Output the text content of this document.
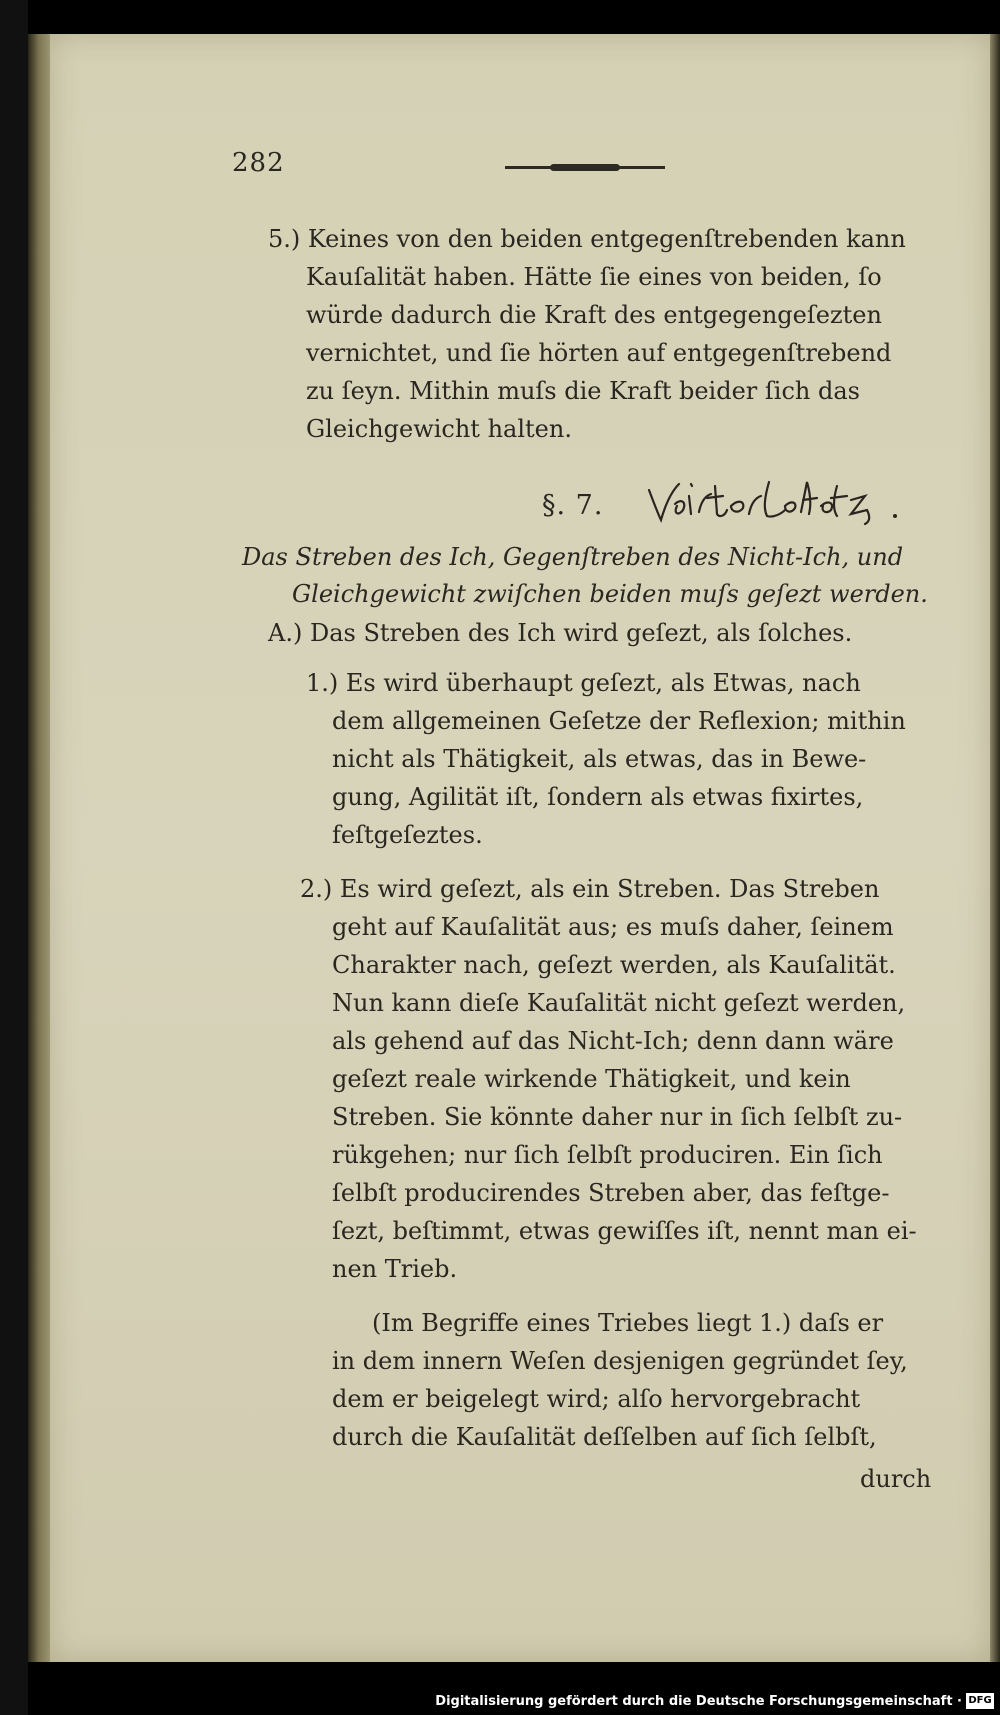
282
5.) Keines von den beiden entgegenſtrebenden kann
Kauſalität haben. Hätte ſie eines von beiden, ſo
würde dadurch die Kraft des entgegengeſezten
vernichtet, und ſie hörten auf entgegenſtrebend
zu ſeyn. Mithin muſs die Kraft beider ſich das
Gleichgewicht halten.
§. 7.
Das Streben des Ich, Gegenſtreben des Nicht-Ich, und
Gleichgewicht zwiſchen beiden muſs geſezt werden.
A.) Das Streben des Ich wird geſezt, als ſolches.
1.) Es wird überhaupt geſezt, als Etwas, nach
dem allgemeinen Geſetze der Reflexion; mithin
nicht als Thätigkeit, als etwas, das in Bewe-
gung, Agilität iſt, ſondern als etwas fixirtes,
feſtgeſeztes.
2.) Es wird geſezt, als ein Streben. Das Streben
geht auf Kauſalität aus; es muſs daher, ſeinem
Charakter nach, geſezt werden, als Kauſalität.
Nun kann dieſe Kauſalität nicht geſezt werden,
als gehend auf das Nicht-Ich; denn dann wäre
geſezt reale wirkende Thätigkeit, und kein
Streben. Sie könnte daher nur in ſich ſelbſt zu-
rükgehen; nur ſich ſelbſt produciren. Ein ſich
ſelbſt producirendes Streben aber, das feſtge-
ſezt, beſtimmt, etwas gewiſſes iſt, nennt man ei-
nen Trieb.
(Im Begriffe eines Triebes liegt 1.) daſs er
in dem innern Weſen desjenigen gegründet ſey,
dem er beigelegt wird; alſo hervorgebracht
durch die Kauſalität deſſelben auf ſich ſelbſt,
durch
Digitalisierung gefördert durch die Deutsche Forschungsgemeinschaft · DFG
